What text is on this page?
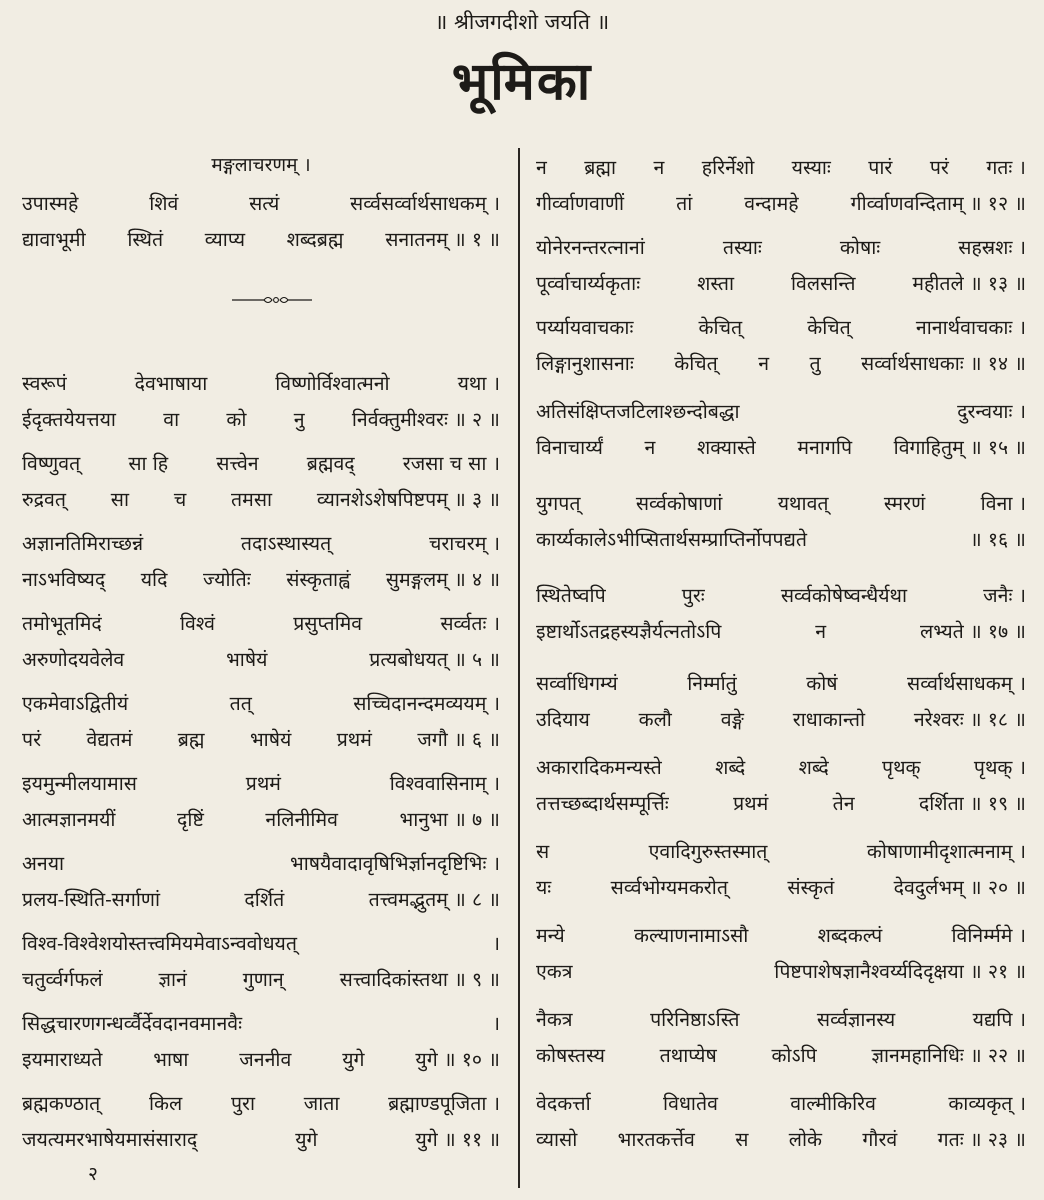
॥ श्रीजगदीशो जयति ॥
भूमिका
मङ्गलाचरणम् ।
उपास्महे	शिवं	सत्यं	सर्व्वसर्व्वार्थसाधकम् ।
द्यावाभूमी स्थितं व्याप्य शब्दब्रह्म सनातनम् ॥ १ ॥
स्वरूपं	देवभाषाया	विष्णोर्विश्वात्मनो	यथा ।
ईदृक्तयेयत्तया वा को नु निर्वक्तुमीश्वरः ॥ २ ॥
विष्णुवत् सा हि सत्त्वेन ब्रह्मवद् रजसा च सा ।
रुद्रवत् सा च तमसा व्यानशेऽशेषपिष्टपम् ॥ ३ ॥
अज्ञानतिमिराच्छन्नं	तदाऽस्थास्यत्	चराचरम् ।
नाऽभविष्यद् यदि ज्योतिः संस्कृताह्वं सुमङ्गलम् ॥ ४ ॥
तमोभूतमिदं	विश्वं	प्रसुप्तमिव	सर्व्वतः ।
अरुणोदयवेलेव	भाषेयं	प्रत्यबोधयत् ॥ ५ ॥
एकमेवाऽद्वितीयं	तत्	सच्चिदानन्दमव्ययम् ।
परं वेद्यतमं ब्रह्म भाषेयं प्रथमं जगौ ॥ ६ ॥
इयमुन्मीलयामास	प्रथमं	विश्ववासिनाम् ।
आत्मज्ञानमयीं	दृष्टिं	नलिनीमिव	भानुभा ॥ ७ ॥
अनया	भाषयैवादावृषिभिर्ज्ञानदृष्टिभिः ।
प्रलय-स्थिति-सर्गाणां	दर्शितं	तत्त्वमद्भुतम् ॥ ८ ॥
विश्व-विश्वेशयोस्तत्त्वमियमेवाऽन्ववोधयत्	।
चतुर्व्वर्गफलं	ज्ञानं	गुणान्	सत्त्वादिकांस्तथा ॥ ९ ॥
सिद्धचारणगन्धर्व्वैर्देवदानवमानवैः	।
इयमाराध्यते	भाषा	जननीव	युगे	युगे ॥ १० ॥
ब्रह्मकण्ठात् किल पुरा जाता ब्रह्माण्डपूजिता ।
जयत्यमरभाषेयमासंसाराद्	युगे	युगे ॥ ११ ॥
न ब्रह्मा न हरिर्नेशो यस्याः पारं परं गतः ।
गीर्व्वाणवाणीं	तां	वन्दामहे	गीर्व्वाणवन्दिताम् ॥ १२ ॥
योनेरनन्तरत्नानां	तस्याः	कोषाः	सहस्रशः ।
पूर्व्वाचार्य्यकृताः	शस्ता	विलसन्ति	महीतले ॥ १३ ॥
पर्य्यायवाचकाः	केचित्	केचित्	नानार्थवाचकाः ।
लिङ्गानुशासनाः केचित् न तु सर्व्वार्थसाधकाः ॥ १४ ॥
अतिसंक्षिप्तजटिलाश्छन्दोबद्धा	दुरन्वयाः ।
विनाचार्य्यं न शक्यास्ते मनागपि विगाहितुम् ॥ १५ ॥
युगपत्	सर्व्वकोषाणां	यथावत्	स्मरणं	विना ।
कार्य्यकालेऽभीप्सितार्थसम्प्राप्तिर्नोपपद्यते	॥ १६ ॥
स्थितेष्वपि	पुरः	सर्व्वकोषेष्वन्धैर्यथा	जनैः ।
इष्टार्थोऽतद्रहस्यज्ञैर्यत्नतोऽपि	न	लभ्यते ॥ १७ ॥
सर्व्वाधिगम्यं	निर्म्मातुं	कोषं	सर्व्वार्थसाधकम् ।
उदियाय	कलौ	वङ्गे	राधाकान्तो	नरेश्वरः ॥ १८ ॥
अकारादिकमन्यस्ते	शब्दे	शब्दे	पृथक्	पृथक् ।
तत्तच्छब्दार्थसम्पूर्त्तिः	प्रथमं	तेन	दर्शिता ॥ १९ ॥
स	एवादिगुरुस्तस्मात्	कोषाणामीदृशात्मनाम् ।
यः	सर्व्वभोग्यमकरोत्	संस्कृतं	देवदुर्लभम् ॥ २० ॥
मन्ये	कल्याणनामाऽसौ	शब्दकल्पं	विनिर्म्ममे ।
एकत्र	पिष्टपाशेषज्ञानैश्वर्य्यदिदृक्षया ॥ २१ ॥
नैकत्र	परिनिष्ठाऽस्ति	सर्व्वज्ञानस्य	यद्यपि ।
कोषस्तस्य	तथाप्येष	कोऽपि	ज्ञानमहानिधिः ॥ २२ ॥
वेदकर्त्ता	विधातेव	वाल्मीकिरिव	काव्यकृत् ।
व्यासो भारतकर्त्तेव स लोके गौरवं गतः ॥ २३ ॥
२
